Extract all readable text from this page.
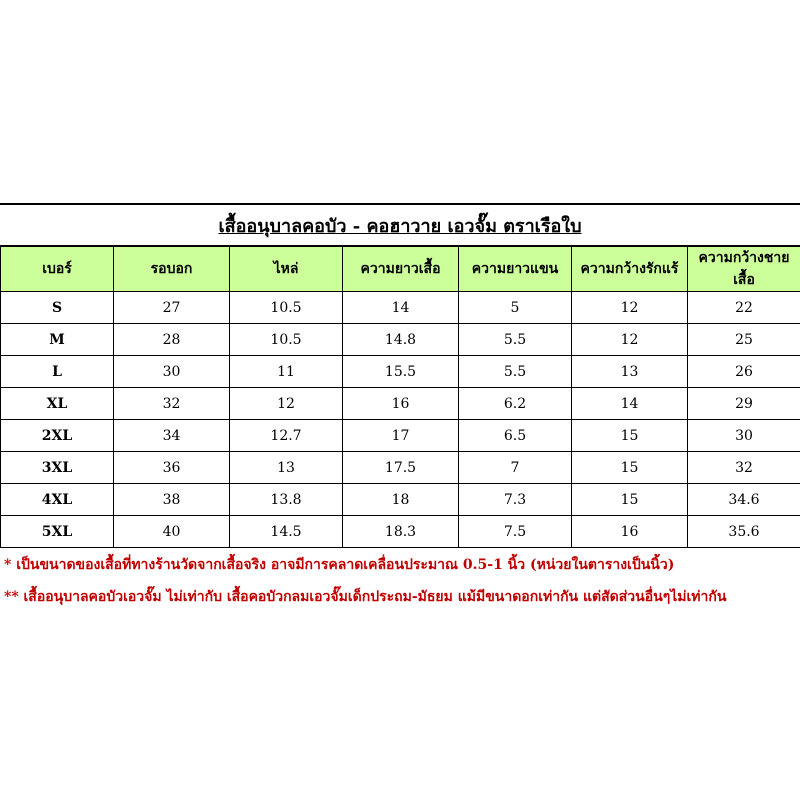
เสื้ออนุบาลคอบัว - คอฮาวาย เอวจั๊ม ตราเรือใบ
เบอร์	รอบอก	ไหล่	ความยาวเสื้อ	ความยาวแขน	ความกว้างรักแร้	ความกว้างชายเสื้อ
S	27	10.5	14	5	12	22
M	28	10.5	14.8	5.5	12	25
L	30	11	15.5	5.5	13	26
XL	32	12	16	6.2	14	29
2XL	34	12.7	17	6.5	15	30
3XL	36	13	17.5	7	15	32
4XL	38	13.8	18	7.3	15	34.6
5XL	40	14.5	18.3	7.5	16	35.6
* เป็นขนาดของเสื้อที่ทางร้านวัดจากเสื้อจริง อาจมีการคลาดเคลื่อนประมาณ 0.5-1 นิ้ว (หน่วยในตารางเป็นนิ้ว)
** เสื้ออนุบาลคอบัวเอวจั๊ม ไม่เท่ากับ เสื้อคอบัวกลมเอวจั๊มเด็กประถม-มัธยม แม้มีขนาดอกเท่ากัน แต่สัดส่วนอื่นๆไม่เท่ากัน
